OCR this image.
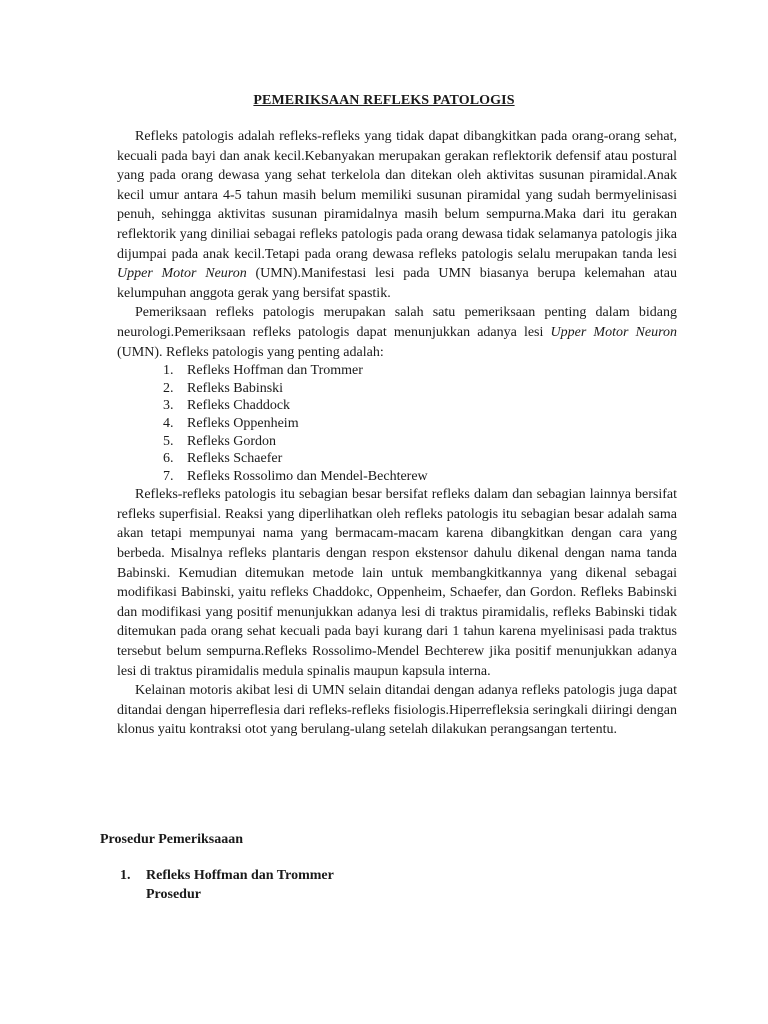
PEMERIKSAAN REFLEKS PATOLOGIS

Refleks patologis adalah refleks-refleks yang tidak dapat dibangkitkan pada orang-orang sehat, kecuali pada bayi dan anak kecil.Kebanyakan merupakan gerakan reflektorik defensif atau postural yang pada orang dewasa yang sehat terkelola dan ditekan oleh aktivitas susunan piramidal.Anak kecil umur antara 4-5 tahun masih belum memiliki susunan piramidal yang sudah bermyelinisasi penuh, sehingga aktivitas susunan piramidalnya masih belum sempurna.Maka dari itu gerakan reflektorik yang diniliai sebagai refleks patologis pada orang dewasa tidak selamanya patologis jika dijumpai pada anak kecil.Tetapi pada orang dewasa refleks patologis selalu merupakan tanda lesi Upper Motor Neuron (UMN).Manifestasi lesi pada UMN biasanya berupa kelemahan atau kelumpuhan anggota gerak yang bersifat spastik.

Pemeriksaan refleks patologis merupakan salah satu pemeriksaan penting dalam bidang neurologi.Pemeriksaan refleks patologis dapat menunjukkan adanya lesi Upper Motor Neuron (UMN). Refleks patologis yang penting adalah:

1. Refleks Hoffman dan Trommer
2. Refleks Babinski
3. Refleks Chaddock
4. Refleks Oppenheim
5. Refleks Gordon
6. Refleks Schaefer
7. Refleks Rossolimo dan Mendel-Bechterew

Refleks-refleks patologis itu sebagian besar bersifat refleks dalam dan sebagian lainnya bersifat refleks superfisial. Reaksi yang diperlihatkan oleh refleks patologis itu sebagian besar adalah sama akan tetapi mempunyai nama yang bermacam-macam karena dibangkitkan dengan cara yang berbeda. Misalnya refleks plantaris dengan respon ekstensor dahulu dikenal dengan nama tanda Babinski. Kemudian ditemukan metode lain untuk membangkitkannya yang dikenal sebagai modifikasi Babinski, yaitu refleks Chaddokc, Oppenheim, Schaefer, dan Gordon. Refleks Babinski dan modifikasi yang positif menunjukkan adanya lesi di traktus piramidalis, refleks Babinski tidak ditemukan pada orang sehat kecuali pada bayi kurang dari 1 tahun karena myelinisasi pada traktus tersebut belum sempurna.Refleks Rossolimo-Mendel Bechterew jika positif menunjukkan adanya lesi di traktus piramidalis medula spinalis maupun kapsula interna.

Kelainan motoris akibat lesi di UMN selain ditandai dengan adanya refleks patologis juga dapat ditandai dengan hiperreflesia dari refleks-refleks fisiologis.Hiperrefleksia seringkali diiringi dengan klonus yaitu kontraksi otot yang berulang-ulang setelah dilakukan perangsangan tertentu.

Prosedur Pemeriksaaan
1. Refleks Hoffman dan Trommer
Prosedur
